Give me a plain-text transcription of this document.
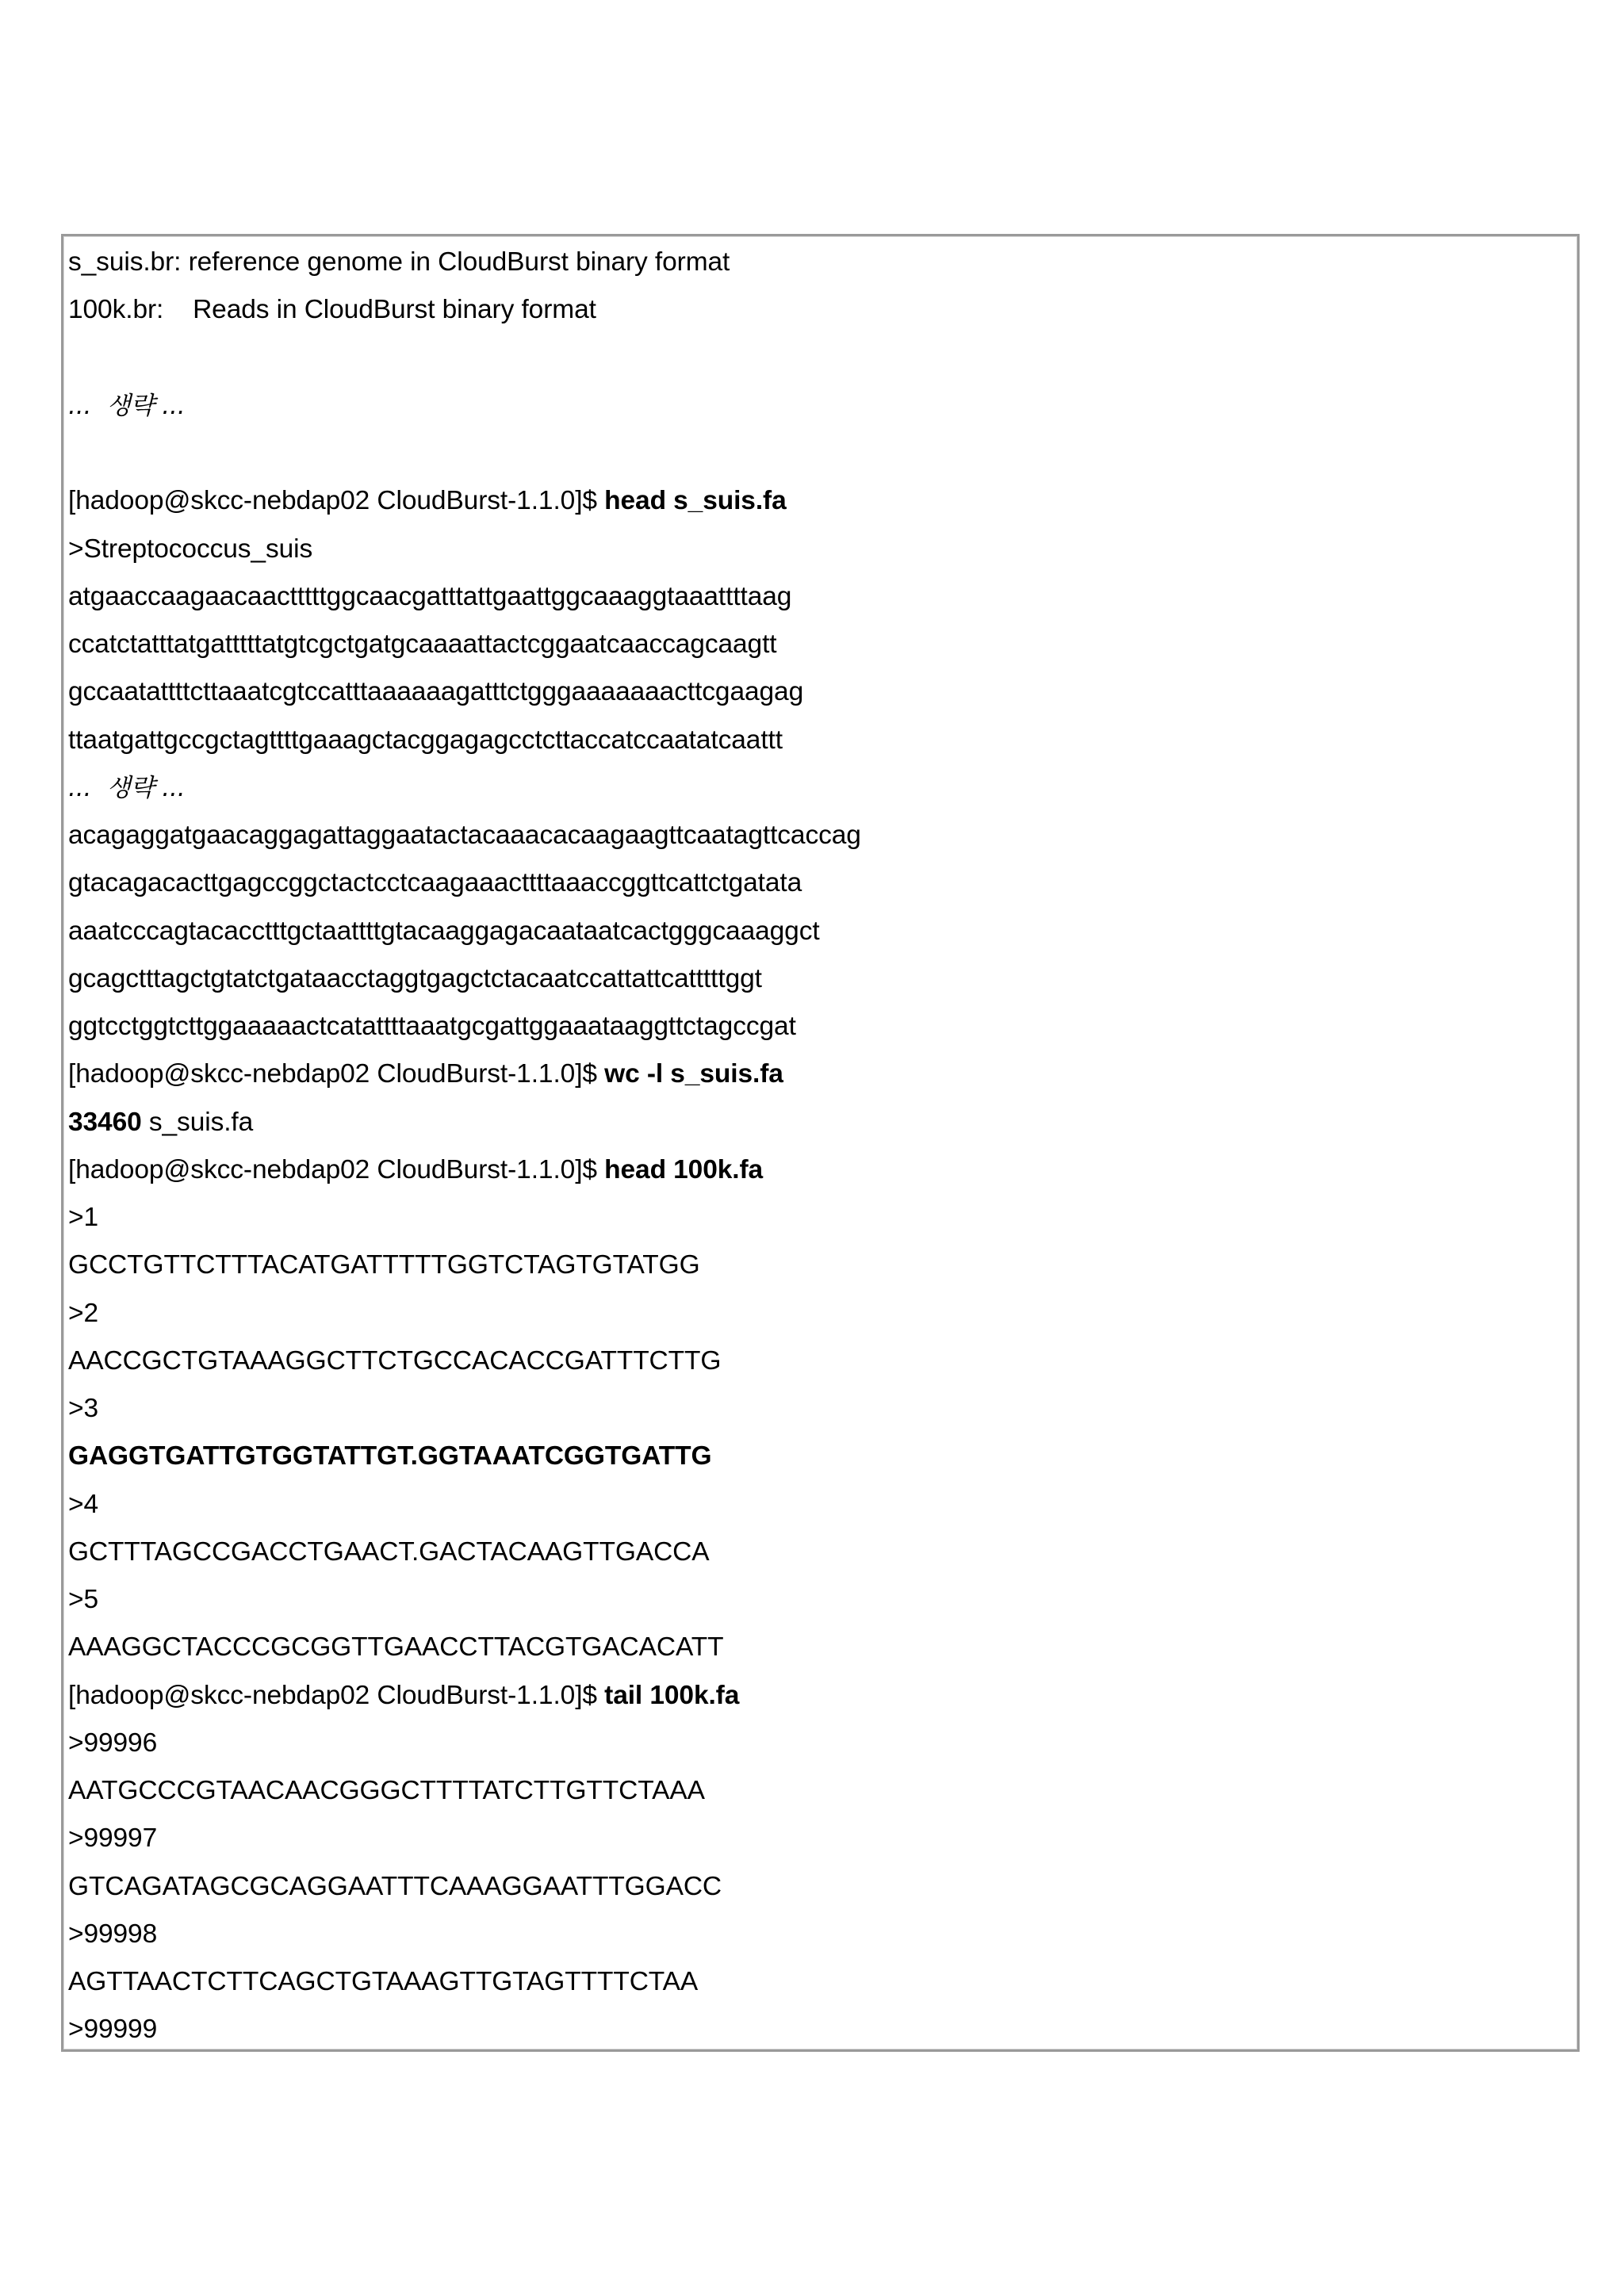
s_suis.br: reference genome in CloudBurst binary format
100k.br:    Reads in CloudBurst binary format
...  생략 ...
[hadoop@skcc-nebdap02 CloudBurst-1.1.0]$ head s_suis.fa
>Streptococcus_suis
atgaaccaagaacaactttttggcaacgatttattgaattggcaaaggtaaattttaag
ccatctatttatgatttttatgtcgctgatgcaaaattactcggaatcaaccagcaagtt
gccaatattttcttaaatcgtccatttaaaaaagatttctgggaaaaaaacttcgaagag
ttaatgattgccgctagttttgaaagctacggagagcctcttaccatccaatatcaattt
...  생략 ...
acagaggatgaacaggagattaggaatactacaaacacaagaagttcaatagttcaccag
gtacagacacttgagccggctactcctcaagaaacttttaaaccggttcattctgatata
aaatcccagtacacctttgctaattttgtacaaggagacaataatcactgggcaaaggct
gcagctttagctgtatctgataacctaggtgagctctacaatccattattcatttttggt
ggtcctggtcttggaaaaactcatattttaaatgcgattggaaataaggttctagccgat
[hadoop@skcc-nebdap02 CloudBurst-1.1.0]$ wc -l s_suis.fa
33460 s_suis.fa
[hadoop@skcc-nebdap02 CloudBurst-1.1.0]$ head 100k.fa
>1
GCCTGTTCTTTACATGATTTTTGGTCTAGTGTATGG
>2
AACCGCTGTAAAGGCTTCTGCCACACCGATTTCTTG
>3
GAGGTGATTGTGGTATTGT.GGTAAATCGGTGATTG
>4
GCTTTAGCCGACCTGAACT.GACTACAAGTTGACCA
>5
AAAGGCTACCCGCGGTTGAACCTTACGTGACACATT
[hadoop@skcc-nebdap02 CloudBurst-1.1.0]$ tail 100k.fa
>99996
AATGCCCGTAACAACGGGCTTTTATCTTGTTCTAAA
>99997
GTCAGATAGCGCAGGAATTTCAAAGGAATTTGGACC
>99998
AGTTAACTCTTCAGCTGTAAAGTTGTAGTTTTCTAA
>99999
